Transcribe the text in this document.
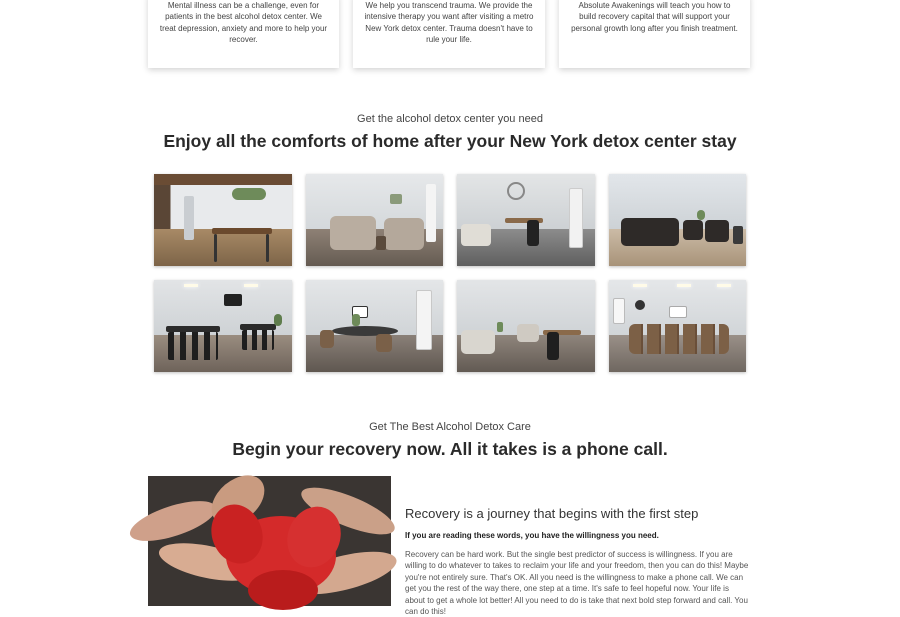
Mental illness can be a challenge, even for patients in the best alcohol detox center. We treat depression, anxiety and more to help your recover.
We help you transcend trauma. We provide the intensive therapy you want after visiting a metro New York detox center. Trauma doesn't have to rule your life.
Absolute Awakenings will teach you how to build recovery capital that will support your personal growth long after you finish treatment.
Get the alcohol detox center you need
Enjoy all the comforts of home after your New York detox center stay
Get The Best Alcohol Detox Care
Begin your recovery now. All it takes is a phone call.
Recovery is a journey that begins with the first step
If you are reading these words, you have the willingness you need.
Recovery can be hard work. But the single best predictor of success is willingness. If you are willing to do whatever to takes to reclaim your life and your freedom, then you can do this! Maybe you're not entirely sure. That's OK. All you need is the willingness to make a phone call. We can get you the rest of the way there, one step at a time. It's safe to feel hopeful now. Your life is about to get a whole lot better! All you need to do is take that next bold step forward and call. You can do this!
